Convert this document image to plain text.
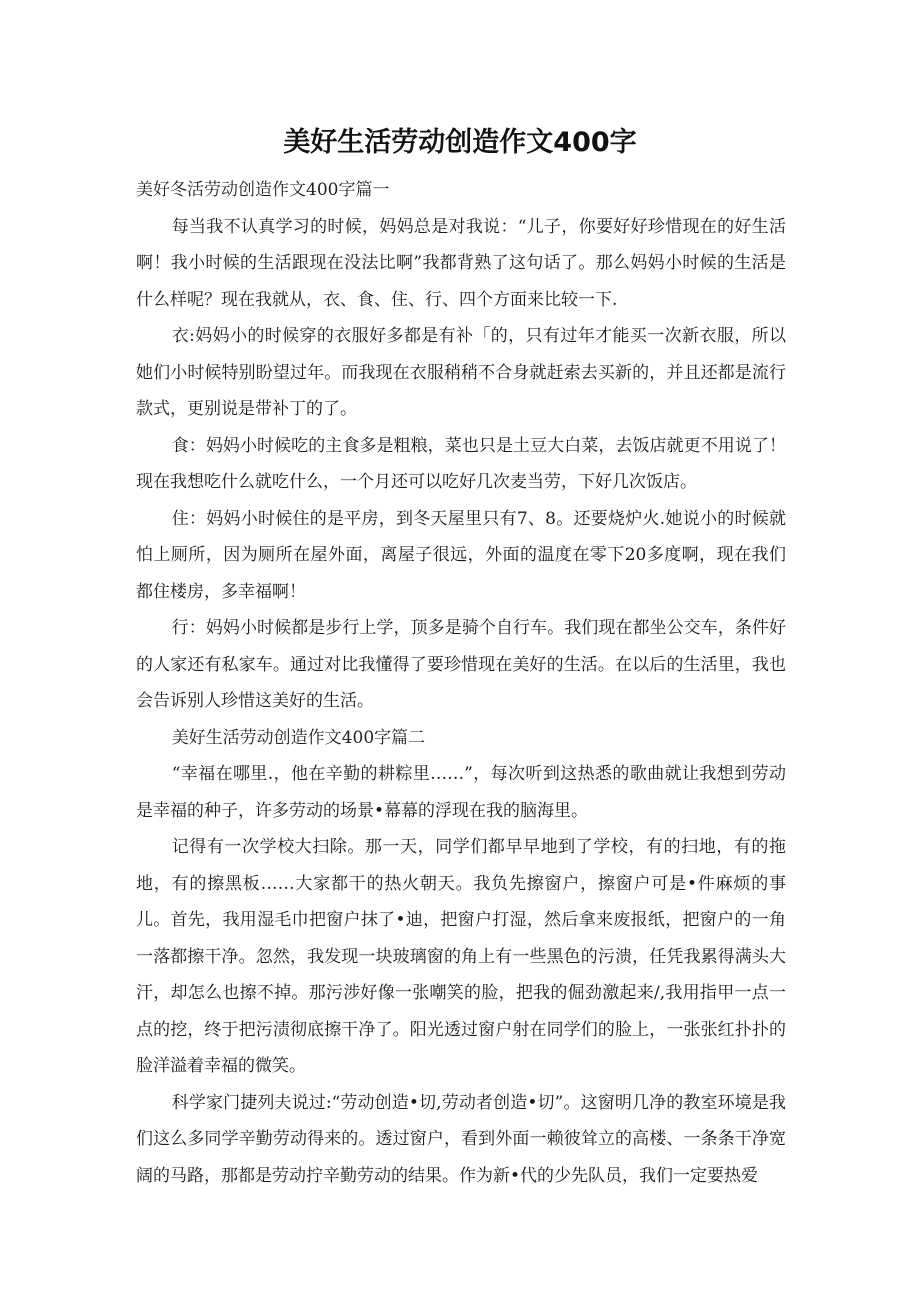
美好生活劳动创造作文400字

美好冬活劳动创造作文400字篇一

每当我不认真学习的时候，妈妈总是对我说：“儿子，你要好好珍惜现在的好生活啊！我小时候的生活跟现在没法比啊”我都背熟了这句话了。那么妈妈小时候的生活是什么样呢？现在我就从，衣、食、住、行、四个方面来比较一下.

衣:妈妈小的时候穿的衣服好多都是有补「的，只有过年才能买一次新衣服，所以她们小时候特别盼望过年。而我现在衣服稍稍不合身就赶索去买新的，并且还都是流行款式，更别说是带补丁的了。

食：妈妈小时候吃的主食多是粗粮，菜也只是土豆大白菜，去饭店就更不用说了！现在我想吃什么就吃什么，一个月还可以吃好几次麦当劳，下好几次饭店。

住：妈妈小时候住的是平房，到冬天屋里只有7、8。还要烧炉火.她说小的时候就怕上厕所，因为厕所在屋外面，离屋子很远，外面的温度在零下20多度啊，现在我们都住楼房，多幸福啊！

行：妈妈小时候都是步行上学，顶多是骑个自行车。我们现在都坐公交车，条件好的人家还有私家车。通过对比我懂得了要珍惜现在美好的生活。在以后的生活里，我也会告诉别人珍惜这美好的生活。

美好生活劳动创造作文400字篇二

“幸福在哪里.，他在辛勤的耕粽里……”，每次听到这热悉的歌曲就让我想到劳动是幸福的种子，许多劳动的场景•幕幕的浮现在我的脑海里。

记得有一次学校大扫除。那一天，同学们都早早地到了学校，有的扫地，有的拖地，有的擦黑板……大家都干的热火朝天。我负先擦窗户，擦窗户可是•件麻烦的事儿。首先，我用湿毛巾把窗户抹了•迪，把窗户打湿，然后拿来废报纸，把窗户的一角一落都擦干净。忽然，我发现一块玻璃窗的角上有一些黑色的污溃，任凭我累得满头大汗，却怎么也擦不掉。那污涉好像一张嘲笑的脸，把我的倔劲激起来/,我用指甲一点一点的挖，终于把污渍彻底擦干净了。阳光透过窗户射在同学们的脸上，一张张红扑扑的脸洋溢着幸福的微笑。

科学家门捷列夫说过:“劳动创造•切,劳动者创造•切”。这窗明几净的教室环境是我们这么多同学辛勤劳动得来的。透过窗户，看到外面一赖彼耸立的高楼、一条条干净宽阔的马路，那都是劳动拧辛勤劳动的结果。作为新•代的少先队员，我们一定要热爱
